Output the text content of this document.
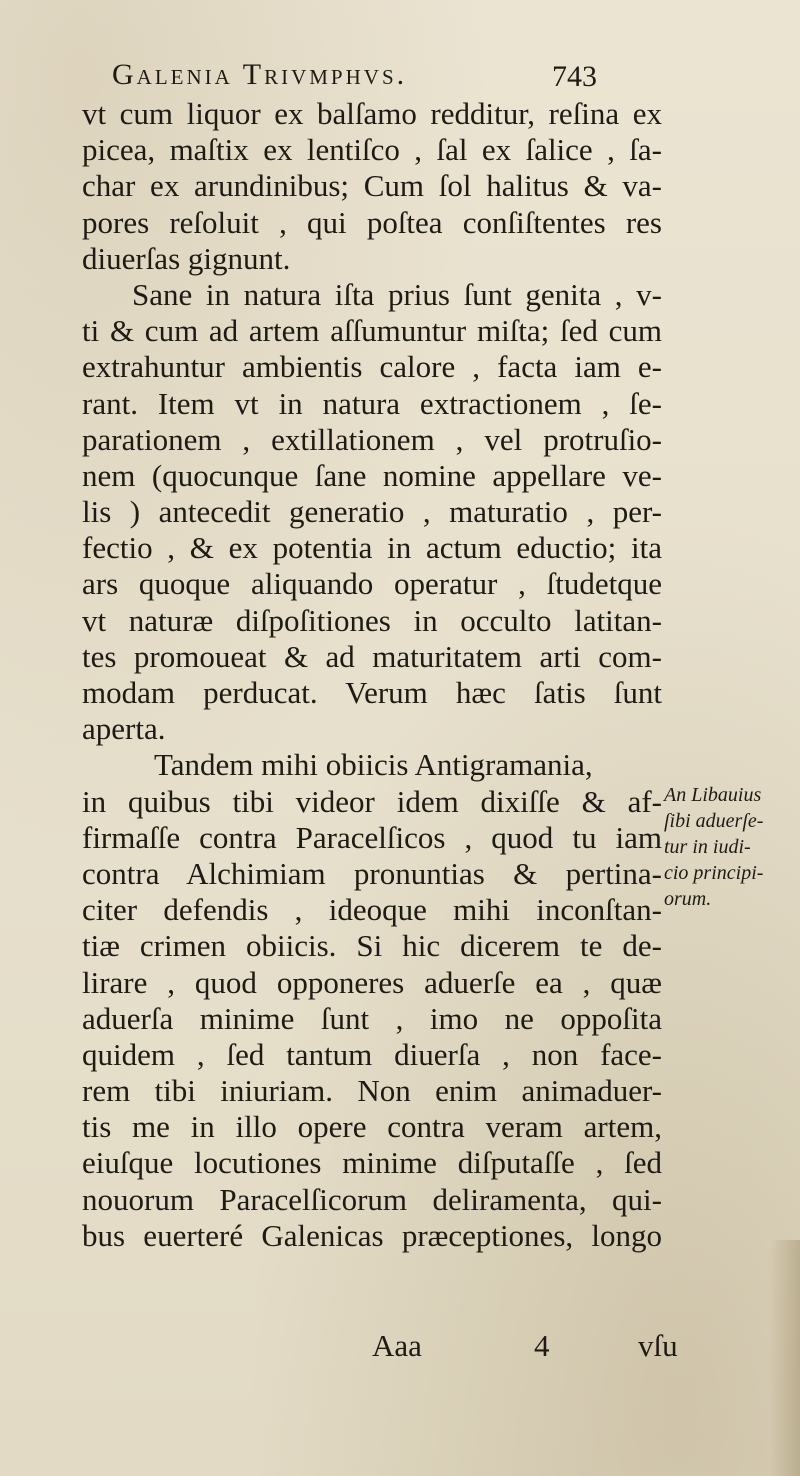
Galenia Trivmphvs.	743
vt cum liquor ex balſamo redditur, reſina ex
picea, maſtix ex lentiſco , ſal ex ſalice , ſa-
char ex arundinibus; Cum ſol halitus & va-
pores reſoluit , qui poſtea conſiſtentes res
diuerſas gignunt.
Sane in natura iſta prius ſunt genita , v-
ti & cum ad artem aſſumuntur miſta; ſed cum
extrahuntur ambientis calore , facta iam e-
rant. Item vt in natura extractionem , ſe-
parationem , extillationem , vel protruſio-
nem (quocunque ſane nomine appellare ve-
lis ) antecedit generatio , maturatio , per-
fectio , & ex potentia in actum eductio; ita
ars quoque aliquando operatur , ſtudetque
vt naturæ diſpoſitiones in occulto latitan-
tes promoueat & ad maturitatem arti com-
modam perducat. Verum hæc ſatis ſunt
aperta.
Tandem mihi obiicis Antigramania,
in quibus tibi videor idem dixiſſe & af-
firmaſſe contra Paracelſicos , quod tu iam
contra Alchimiam pronuntias & pertina-
citer defendis , ideoque mihi inconſtan-
tiæ crimen obiicis. Si hic dicerem te de-
lirare , quod opponeres aduerſe ea , quæ
aduerſa minime ſunt , imo ne oppoſita
quidem , ſed tantum diuerſa , non face-
rem tibi iniuriam. Non enim animaduer-
tis me in illo opere contra veram artem,
eiuſque locutiones minime diſputaſſe , ſed
nouorum Paracelſicorum deliramenta, qui-
bus euerteré Galenicas præceptiones, longo
An Libauius
ſibi aduerſe-
tur in iudi-
cio principi-
orum.
Aaa	4	vſu
